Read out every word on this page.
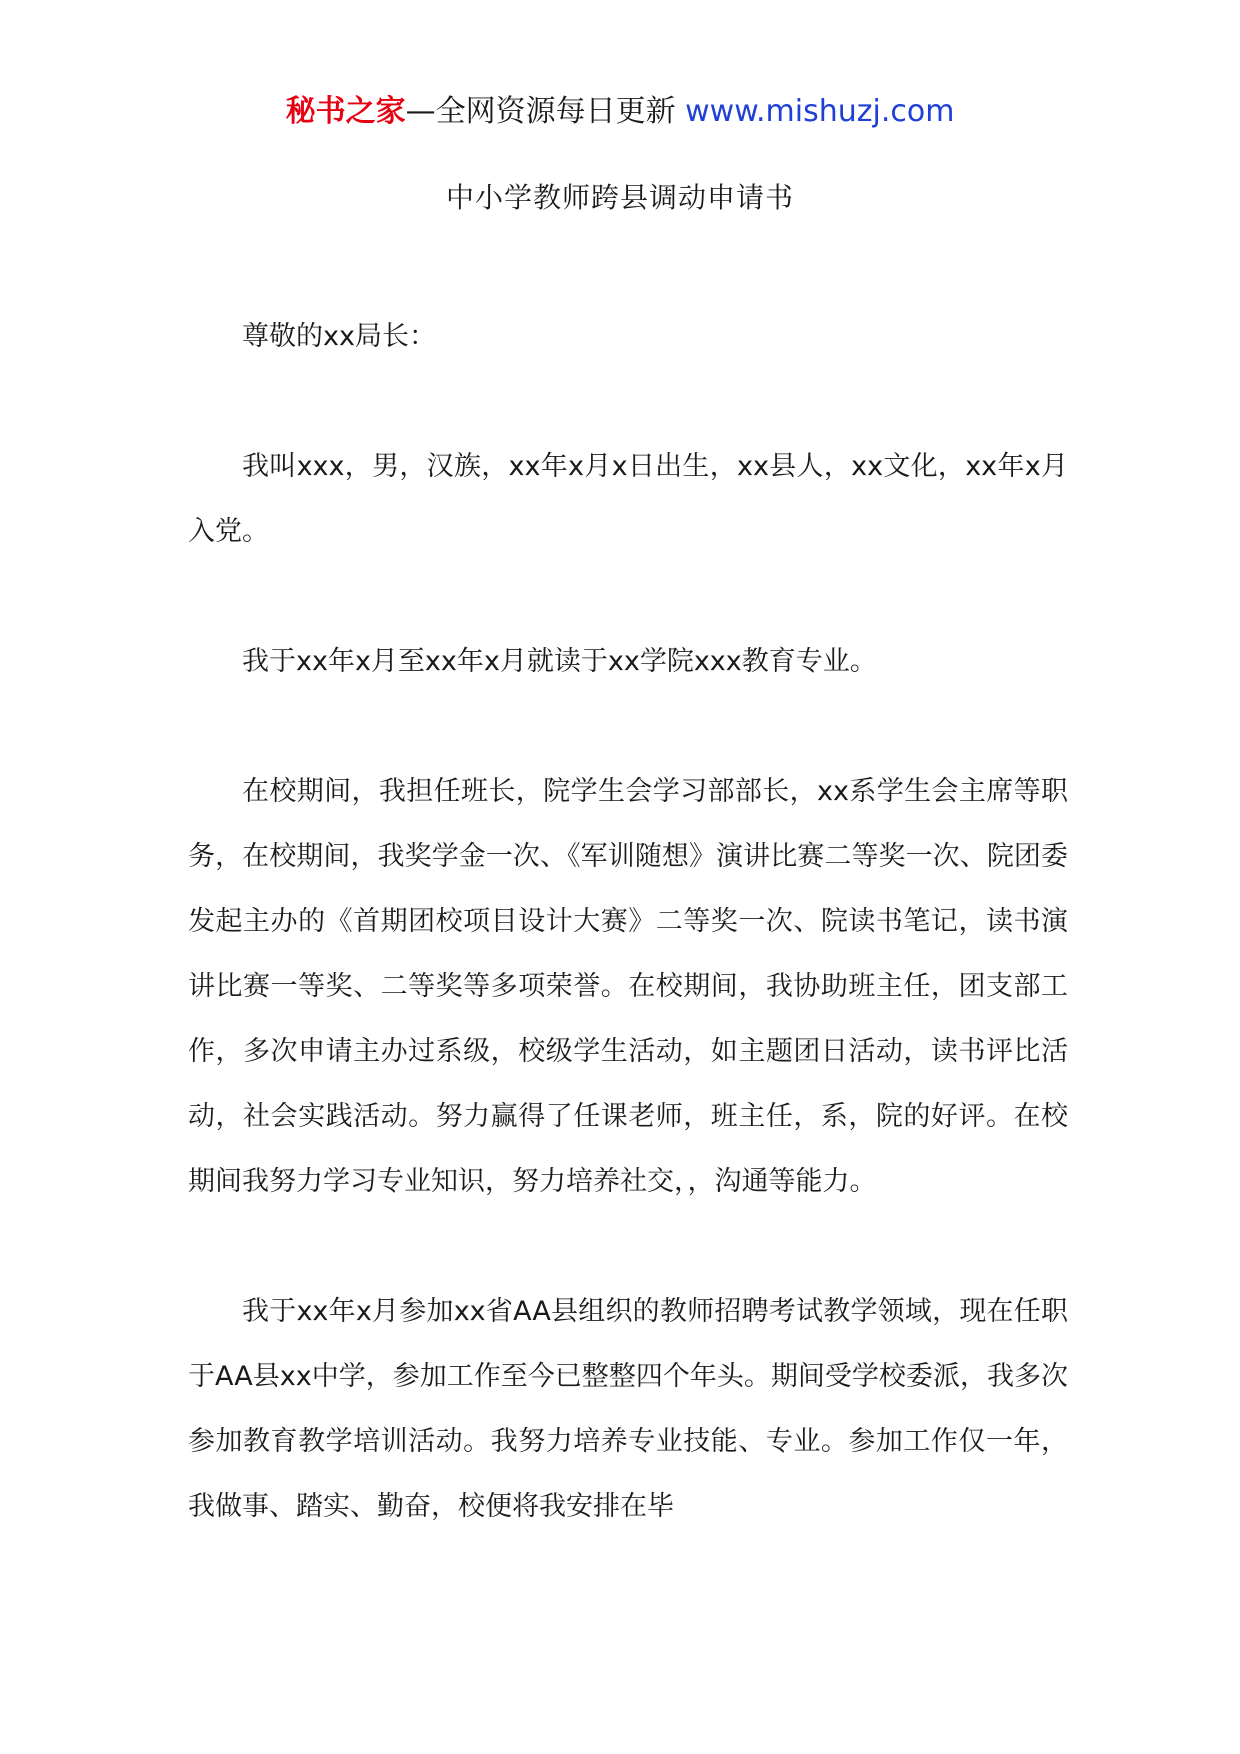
秘书之家—全网资源每日更新 www.mishuzj.com
中小学教师跨县调动申请书

尊敬的xx局长：

我叫xxx，男，汉族，xx年x月x日出生，xx县人，xx文化，xx年x月入党。

我于xx年x月至xx年x月就读于xx学院xxx教育专业。

在校期间，我担任班长，院学生会学习部部长，xx系学生会主席等职务，在校期间，我奖学金一次、《军训随想》演讲比赛二等奖一次、院团委发起主办的《首期团校项目设计大赛》二等奖一次、院读书笔记，读书演讲比赛一等奖、二等奖等多项荣誉。在校期间，我协助班主任，团支部工作，多次申请主办过系级，校级学生活动，如主题团日活动，读书评比活动，社会实践活动。努力赢得了任课老师，班主任，系，院的好评。在校期间我努力学习专业知识，努力培养社交，，沟通等能力。

我于xx年x月参加xx省AA县组织的教师招聘考试教学领域，现在任职于AA县xx中学，参加工作至今已整整四个年头。期间受学校委派，我多次参加教育教学培训活动。我努力培养专业技能、专业。参加工作仅一年，我做事、踏实、勤奋，校便将我安排在毕
